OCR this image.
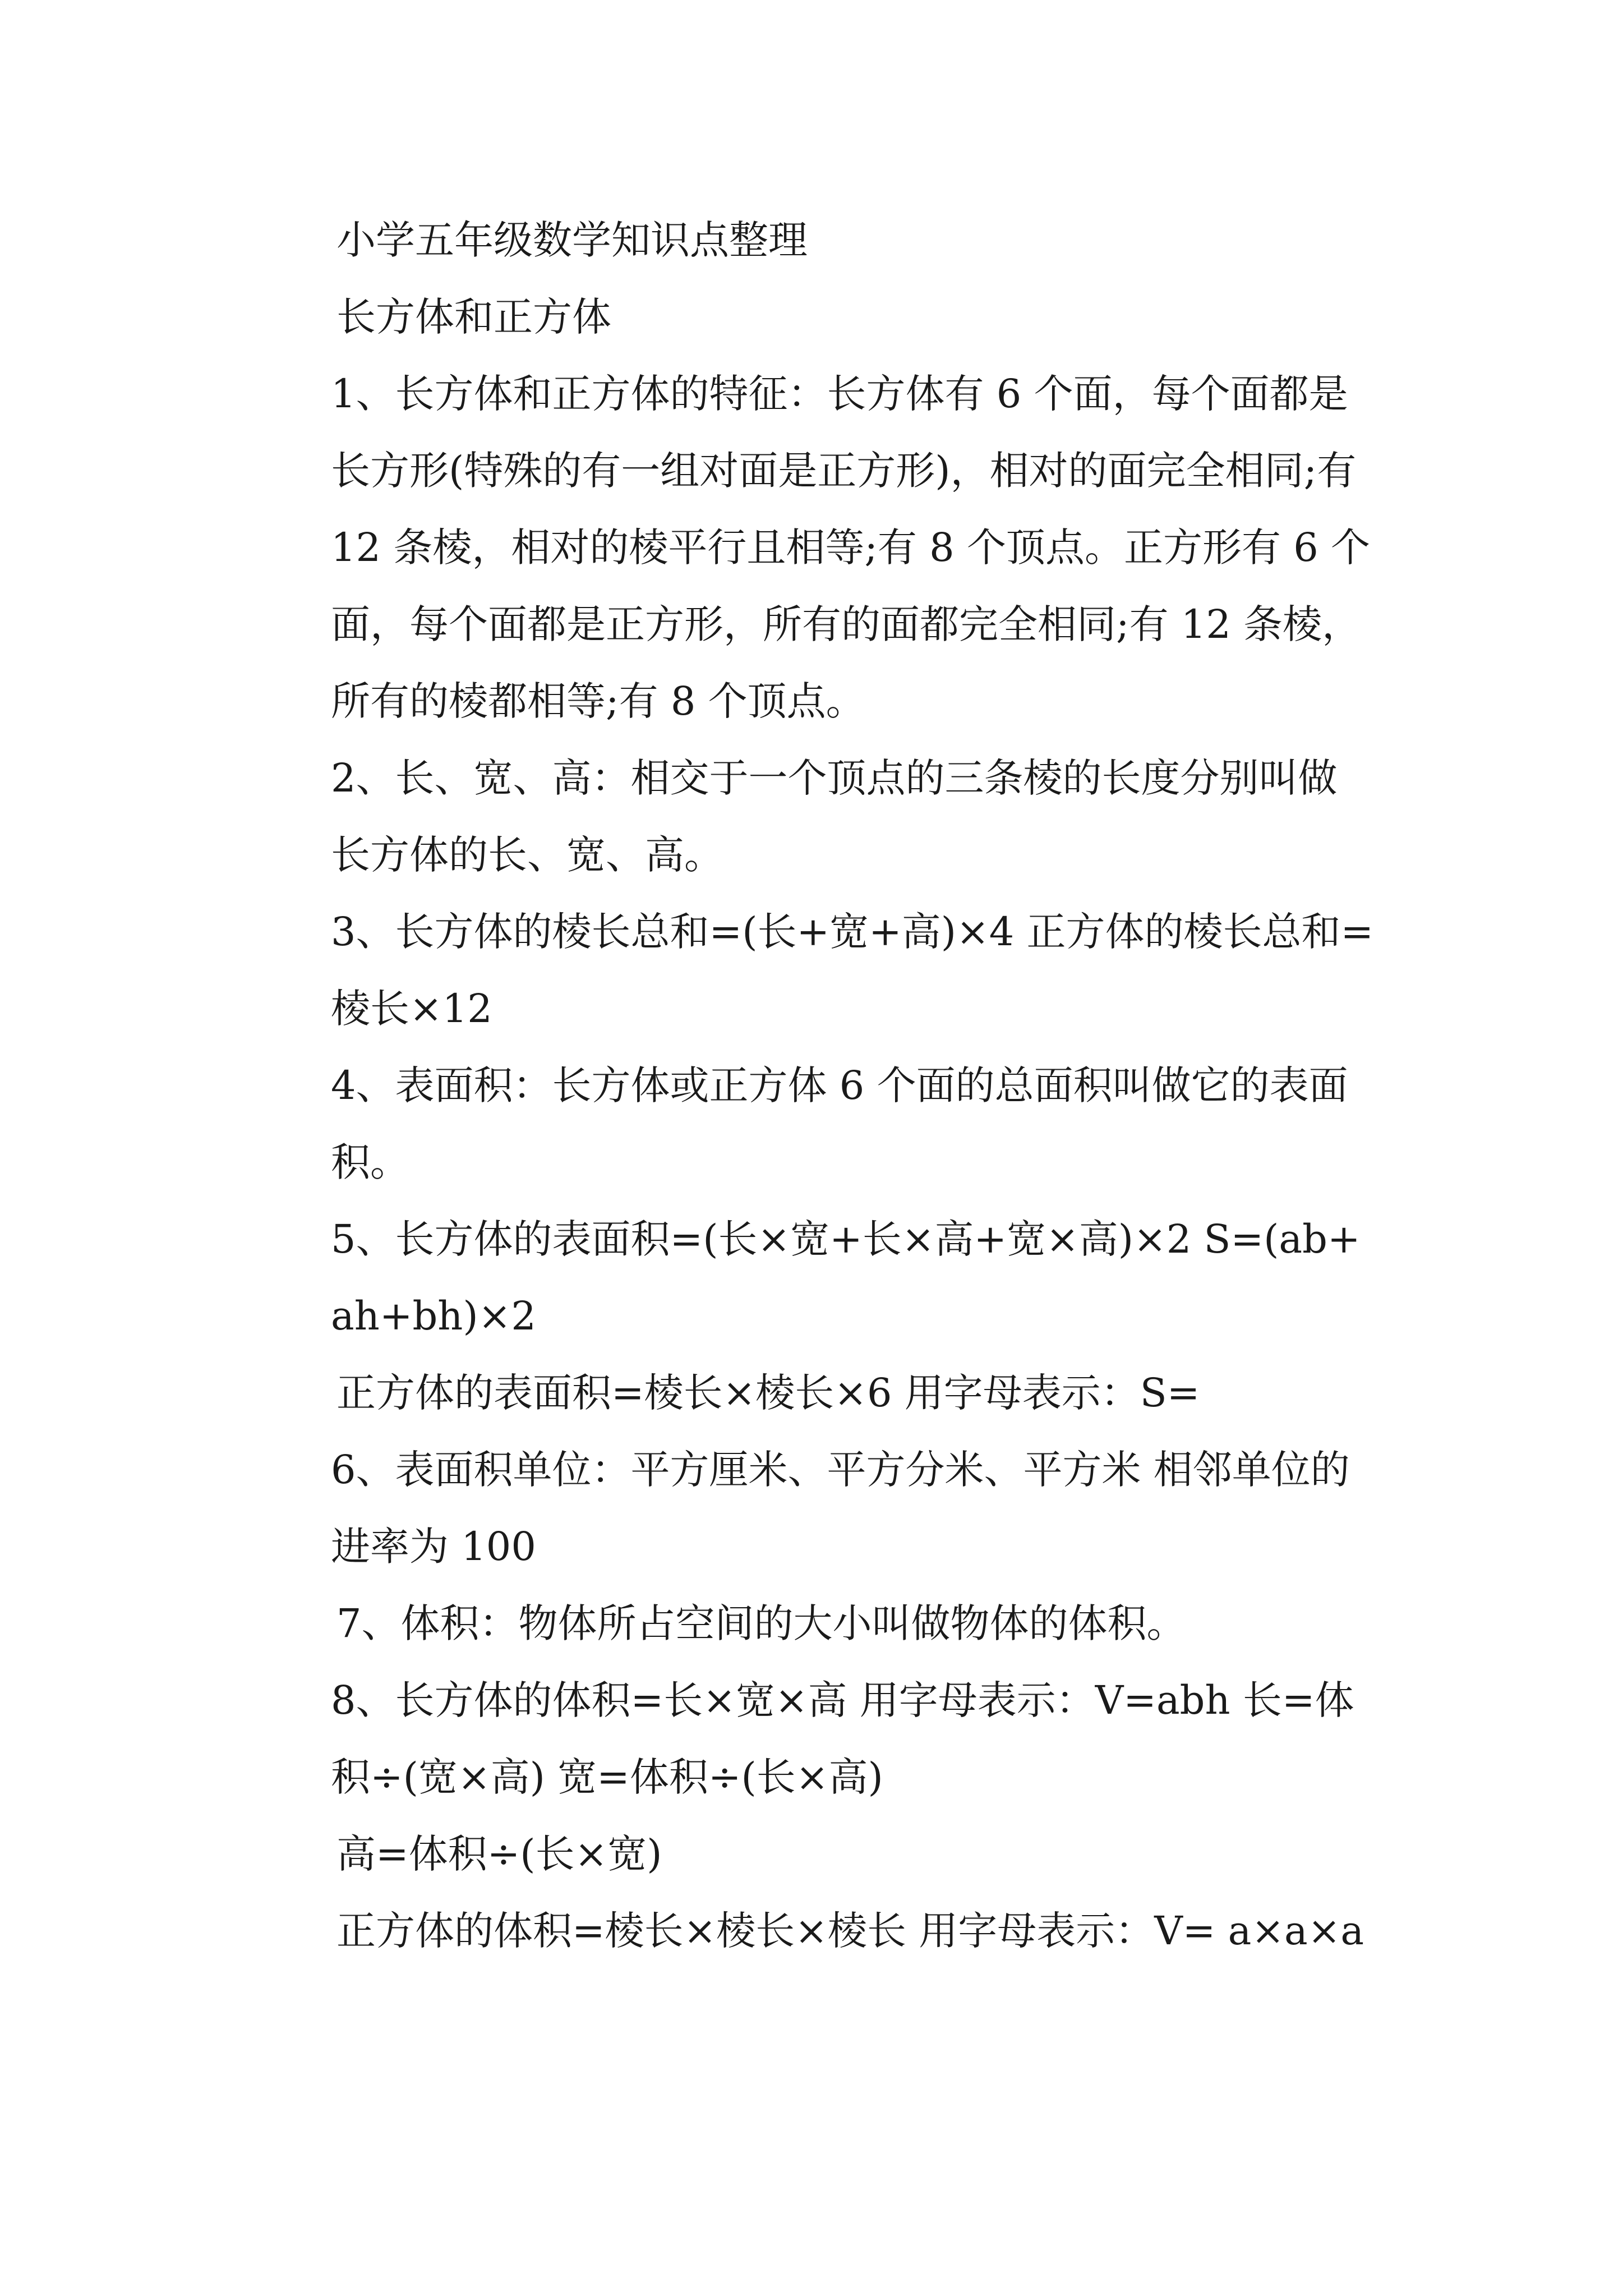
小学五年级数学知识点整理

长方体和正方体

1、长方体和正方体的特征：长方体有 6 个面，每个面都是长方形(特殊的有一组对面是正方形)，相对的面完全相同;有 12 条棱，相对的棱平行且相等;有 8 个顶点。正方形有 6 个面，每个面都是正方形，所有的面都完全相同;有 12 条棱，所有的棱都相等;有 8 个顶点。

2、长、宽、高：相交于一个顶点的三条棱的长度分别叫做长方体的长、宽、高。

3、长方体的棱长总和=(长+宽+高)×4 正方体的棱长总和=棱长×12

4、表面积：长方体或正方体 6 个面的总面积叫做它的表面积。

5、长方体的表面积=(长×宽+长×高+宽×高)×2 S=(ab+ah+bh)×2

正方体的表面积=棱长×棱长×6 用字母表示：S=

6、表面积单位：平方厘米、平方分米、平方米 相邻单位的进率为 100

7、体积：物体所占空间的大小叫做物体的体积。

8、长方体的体积=长×宽×高 用字母表示：V=abh 长=体积÷(宽×高) 宽=体积÷(长×高)

高=体积÷(长×宽)

正方体的体积=棱长×棱长×棱长 用字母表示：V= a×a×a
